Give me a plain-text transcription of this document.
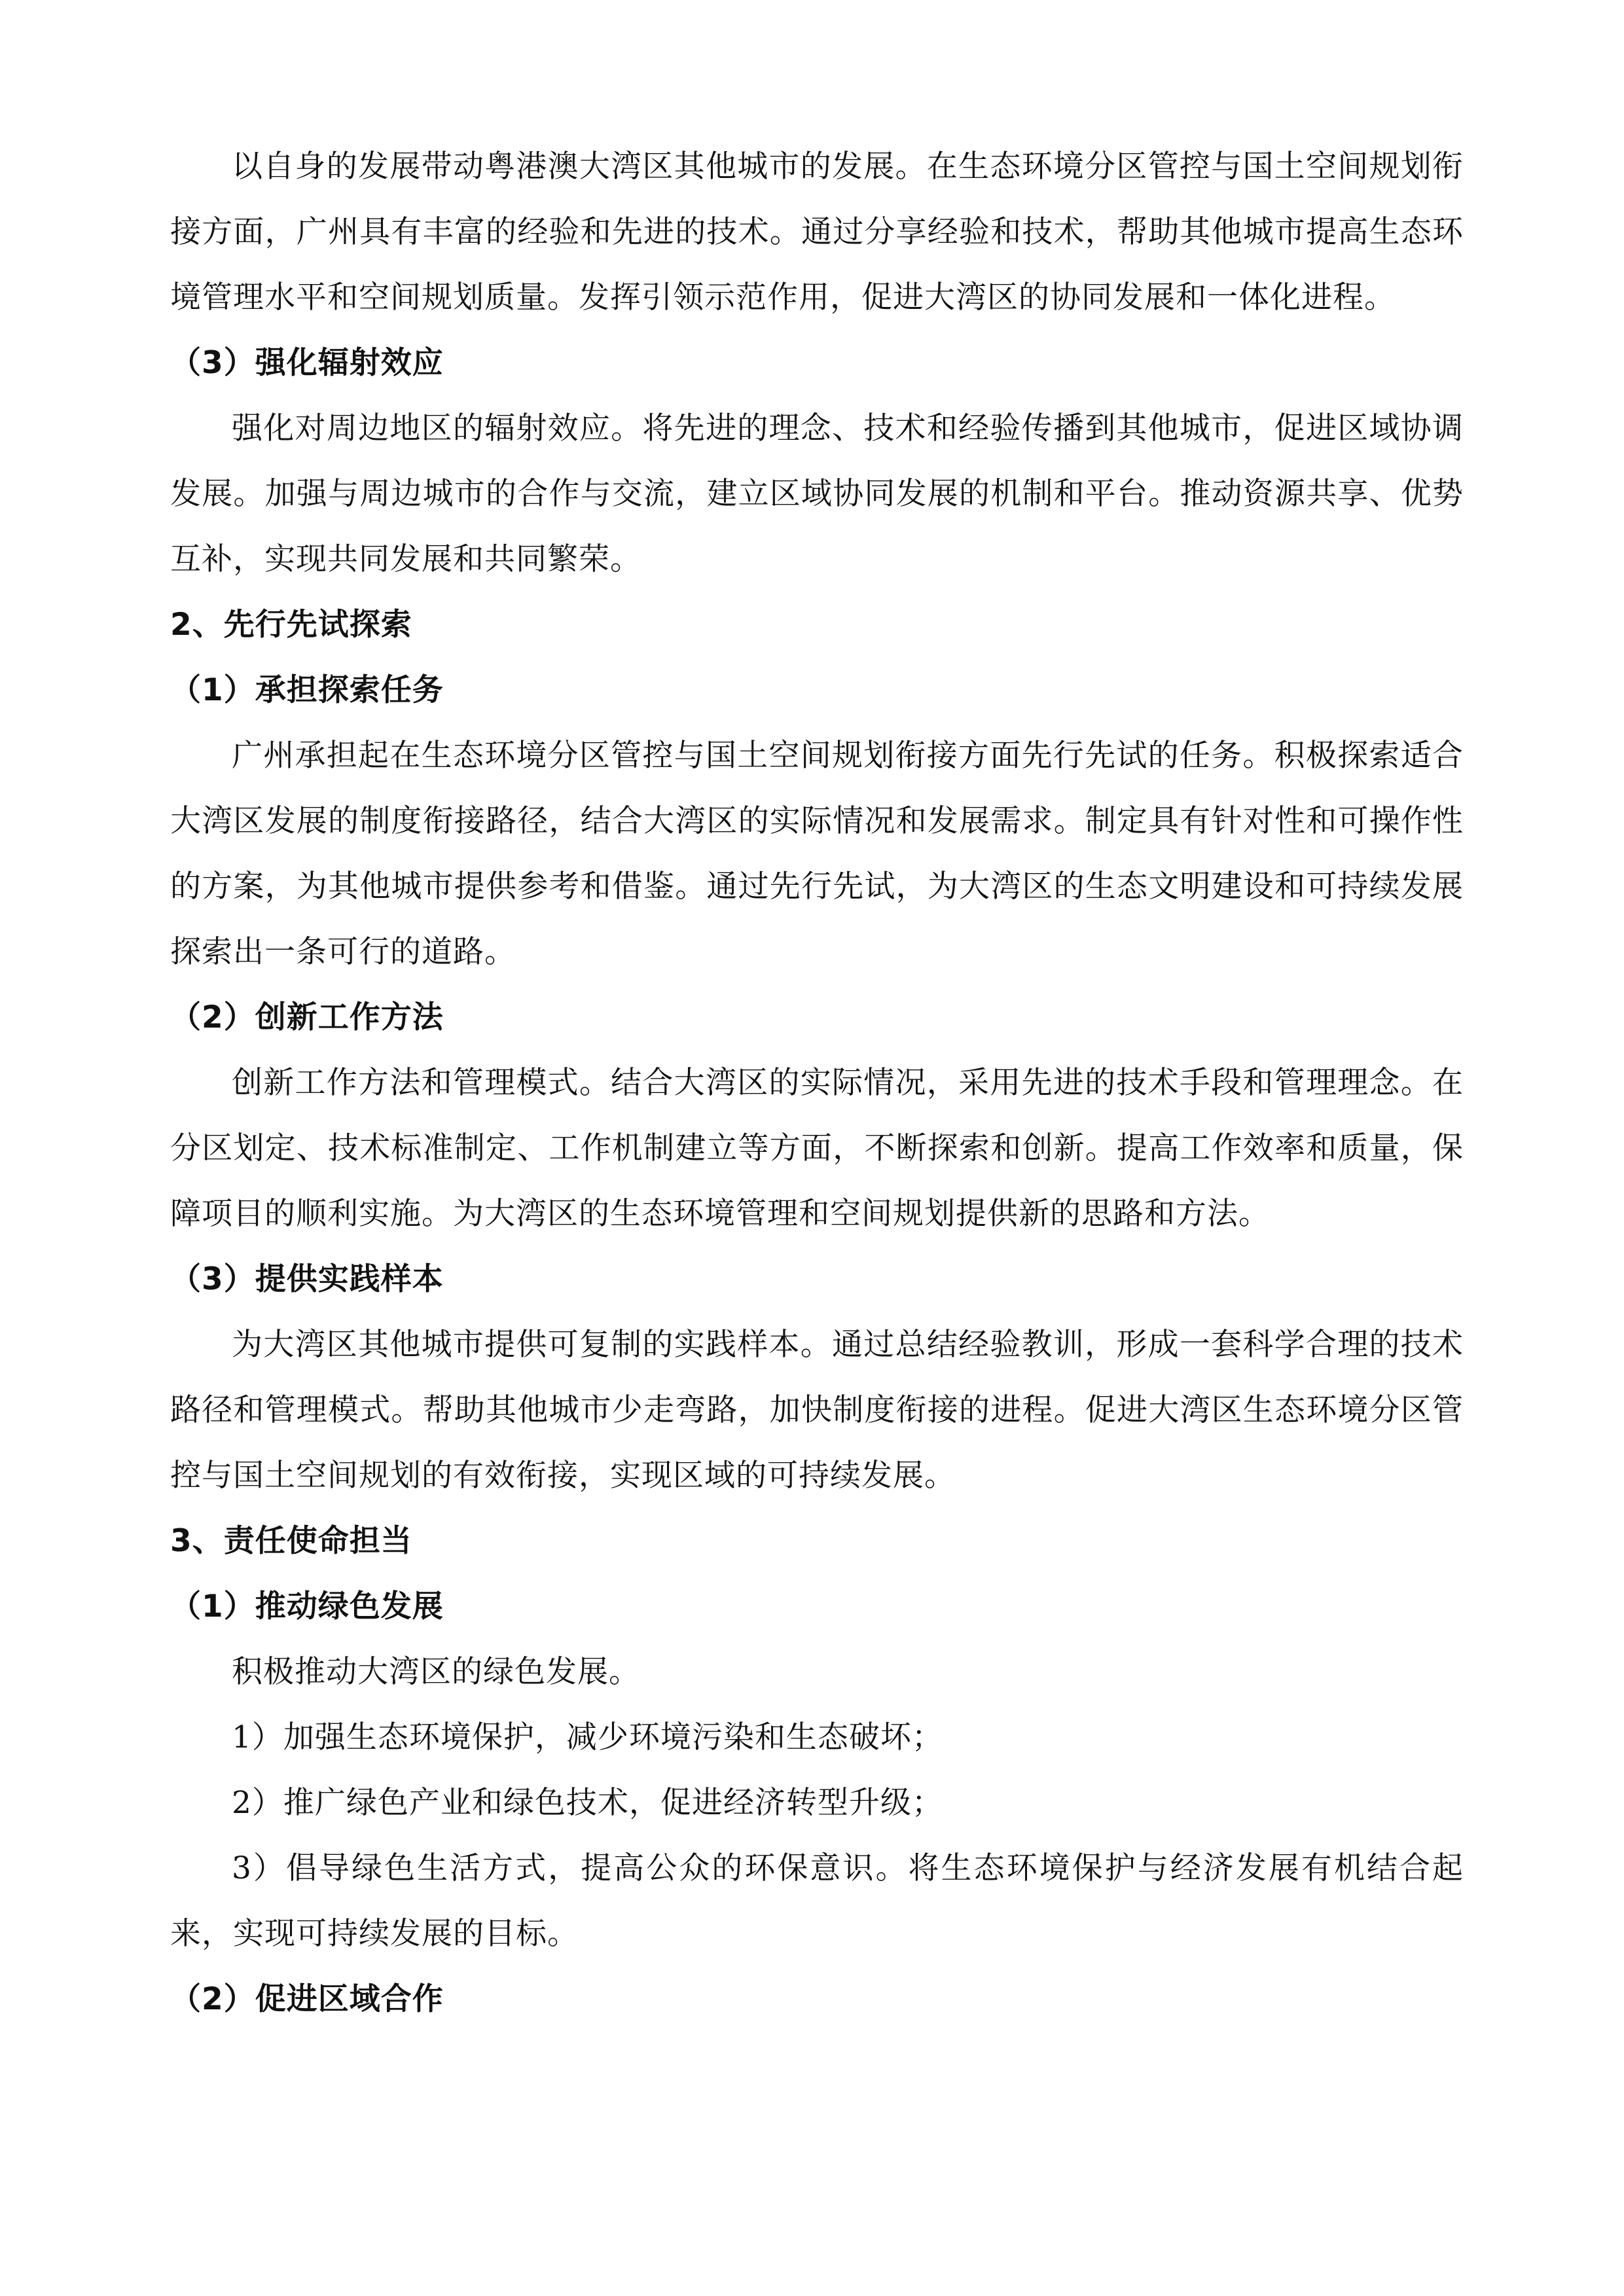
以自身的发展带动粤港澳大湾区其他城市的发展。在生态环境分区管控与国土空间规划衔接方面，广州具有丰富的经验和先进的技术。通过分享经验和技术，帮助其他城市提高生态环境管理水平和空间规划质量。发挥引领示范作用，促进大湾区的协同发展和一体化进程。

（3）强化辐射效应

强化对周边地区的辐射效应。将先进的理念、技术和经验传播到其他城市，促进区域协调发展。加强与周边城市的合作与交流，建立区域协同发展的机制和平台。推动资源共享、优势互补，实现共同发展和共同繁荣。

2、先行先试探索

（1）承担探索任务

广州承担起在生态环境分区管控与国土空间规划衔接方面先行先试的任务。积极探索适合大湾区发展的制度衔接路径，结合大湾区的实际情况和发展需求。制定具有针对性和可操作性的方案，为其他城市提供参考和借鉴。通过先行先试，为大湾区的生态文明建设和可持续发展探索出一条可行的道路。

（2）创新工作方法

创新工作方法和管理模式。结合大湾区的实际情况，采用先进的技术手段和管理理念。在分区划定、技术标准制定、工作机制建立等方面，不断探索和创新。提高工作效率和质量，保障项目的顺利实施。为大湾区的生态环境管理和空间规划提供新的思路和方法。

（3）提供实践样本

为大湾区其他城市提供可复制的实践样本。通过总结经验教训，形成一套科学合理的技术路径和管理模式。帮助其他城市少走弯路，加快制度衔接的进程。促进大湾区生态环境分区管控与国土空间规划的有效衔接，实现区域的可持续发展。

3、责任使命担当

（1）推动绿色发展

积极推动大湾区的绿色发展。

1）加强生态环境保护，减少环境污染和生态破坏；

2）推广绿色产业和绿色技术，促进经济转型升级；

3）倡导绿色生活方式，提高公众的环保意识。将生态环境保护与经济发展有机结合起来，实现可持续发展的目标。

（2）促进区域合作
